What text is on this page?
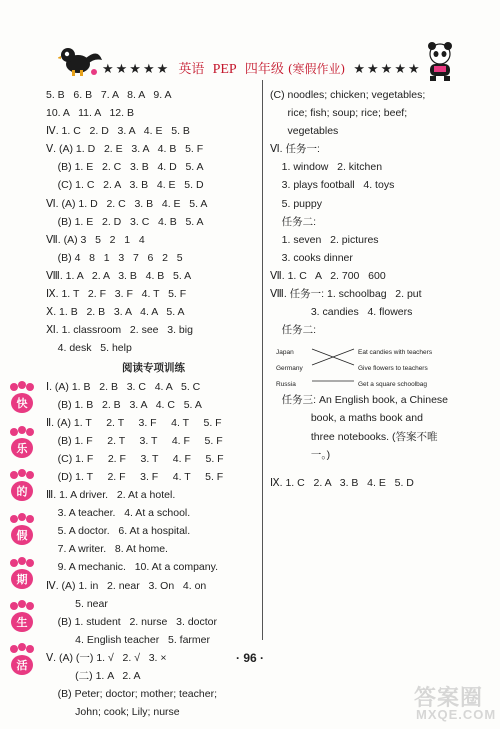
★★★★★ 英语 PEP 四年级 (寒假作业) ★★★★★
5. B   6. B   7. A   8. A   9. A
10. A   11. A   12. B
Ⅳ. 1. C   2. D   3. A   4. E   5. B
Ⅴ. (A) 1. D   2. E   3. A   4. B   5. F
(B) 1. E   2. C   3. B   4. D   5. A
(C) 1. C   2. A   3. B   4. E   5. D
Ⅵ. (A) 1. D   2. C   3. B   4. E   5. A
(B) 1. E   2. D   3. C   4. B   5. A
Ⅶ. (A) 3   5   2   1   4
(B) 4   8   1   3   7   6   2   5
Ⅷ. 1. A   2. A   3. B   4. B   5. A
Ⅸ. 1. T   2. F   3. F   4. T   5. F
Ⅹ. 1. B   2. B   3. A   4. A   5. A
Ⅺ. 1. classroom   2. see   3. big
4. desk   5. help
阅读专项训练
Ⅰ. (A) 1. B   2. B   3. C   4. A   5. C
(B) 1. B   2. B   3. A   4. C   5. A
Ⅱ. (A) 1. T     2. T     3. F     4. T     5. F
(B) 1. F     2. T     3. T     4. F     5. F
(C) 1. F     2. F     3. T     4. F     5. F
(D) 1. T     2. F     3. F     4. T     5. F
Ⅲ. 1. A driver.   2. At a hotel.
3. A teacher.   4. At a school.
5. A doctor.   6. At a hospital.
7. A writer.   8. At home.
9. A mechanic.   10. At a company.
Ⅳ. (A) 1. in   2. near   3. On   4. on
5. near
(B) 1. student   2. nurse   3. doctor
4. English teacher   5. farmer
Ⅴ. (A) (一) 1. √   2. √   3. ×
(二) 1. A   2. A
(B) Peter; doctor; mother; teacher;
John; cook; Lily; nurse
(C) noodles; chicken; vegetables;
rice; fish; soup; rice; beef;
vegetables
Ⅵ. 任务一:
1. window   2. kitchen
3. plays football   4. toys
5. puppy
任务二:
1. seven   2. pictures
3. cooks dinner
Ⅶ. 1. C   A   2. 700   600
Ⅷ. 任务一: 1. schoolbag   2. put
3. candies   4. flowers
任务二:
Japan
Germany
Russia
Eat candies with teachers
Give flowers to teachers
Get a square schoolbag
任务三: An English book, a Chinese
book, a maths book and
three notebooks. (答案不唯
一。)
Ⅸ. 1. C   2. A   3. B   4. E   5. D
快
乐
的
假
期
生
活
· 96 ·
答案圈
MXQE.COM
